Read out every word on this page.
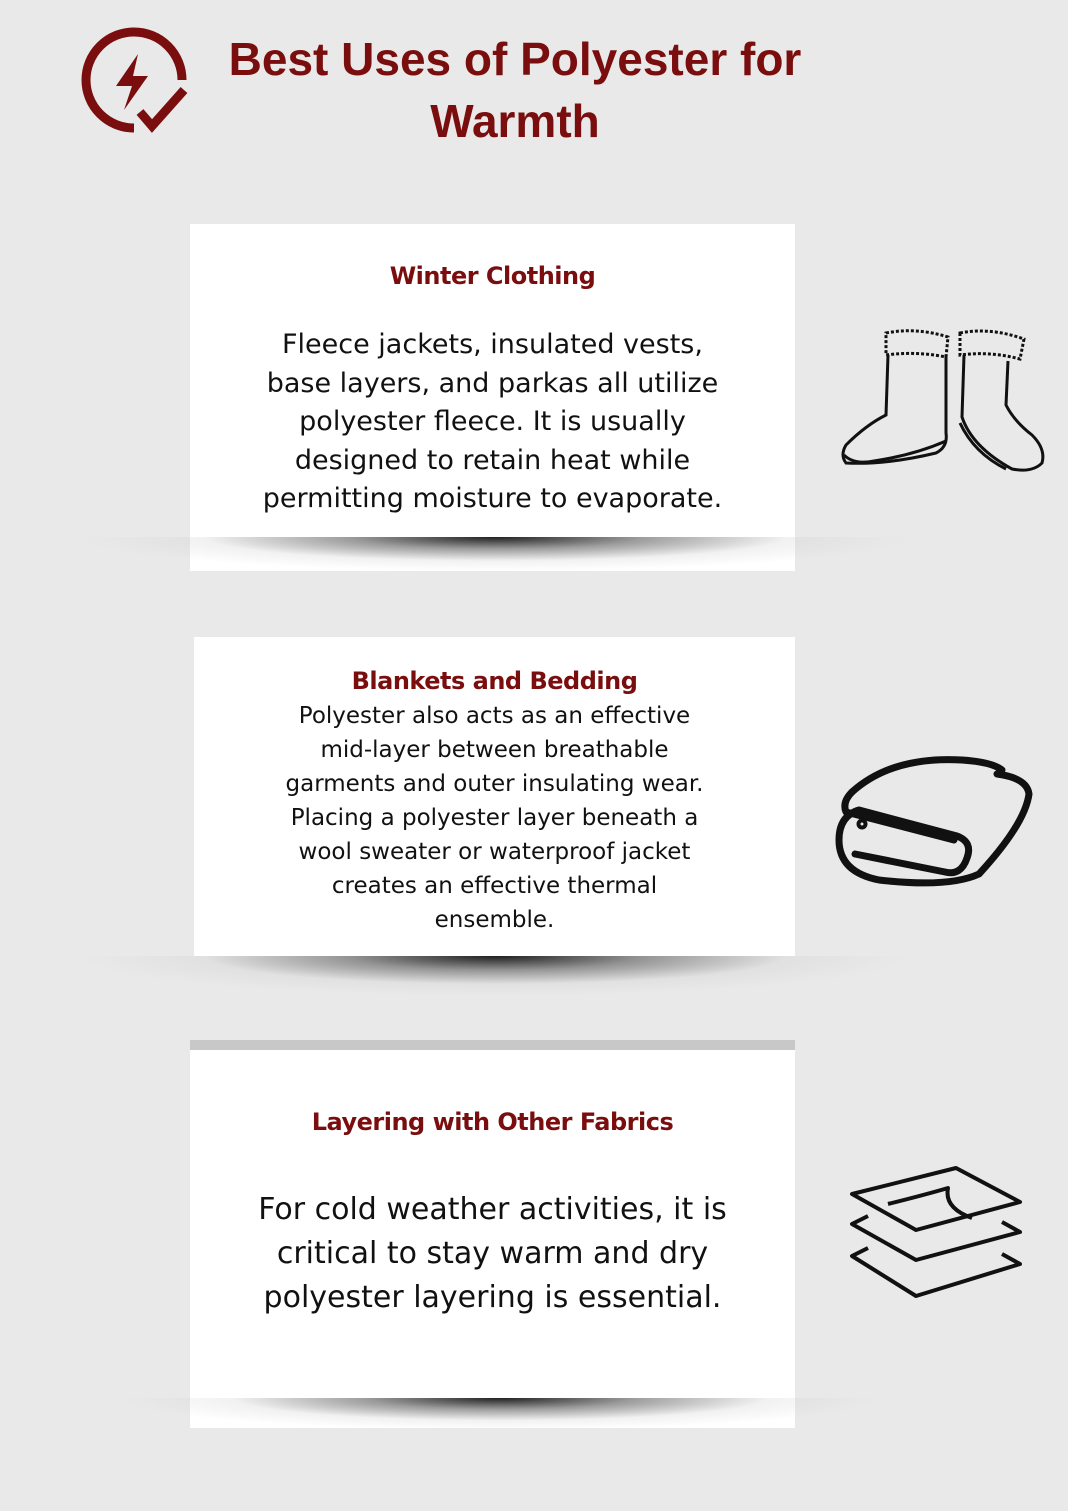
Best Uses of Polyester for Warmth
Winter Clothing

Fleece jackets, insulated vests, base layers, and parkas all utilize polyester fleece. It is usually designed to retain heat while permitting moisture to evaporate.

Blankets and Bedding

Polyester also acts as an effective mid-layer between breathable garments and outer insulating wear. Placing a polyester layer beneath a wool sweater or waterproof jacket creates an effective thermal ensemble.

Layering with Other Fabrics

For cold weather activities, it is critical to stay warm and dry polyester layering is essential.
